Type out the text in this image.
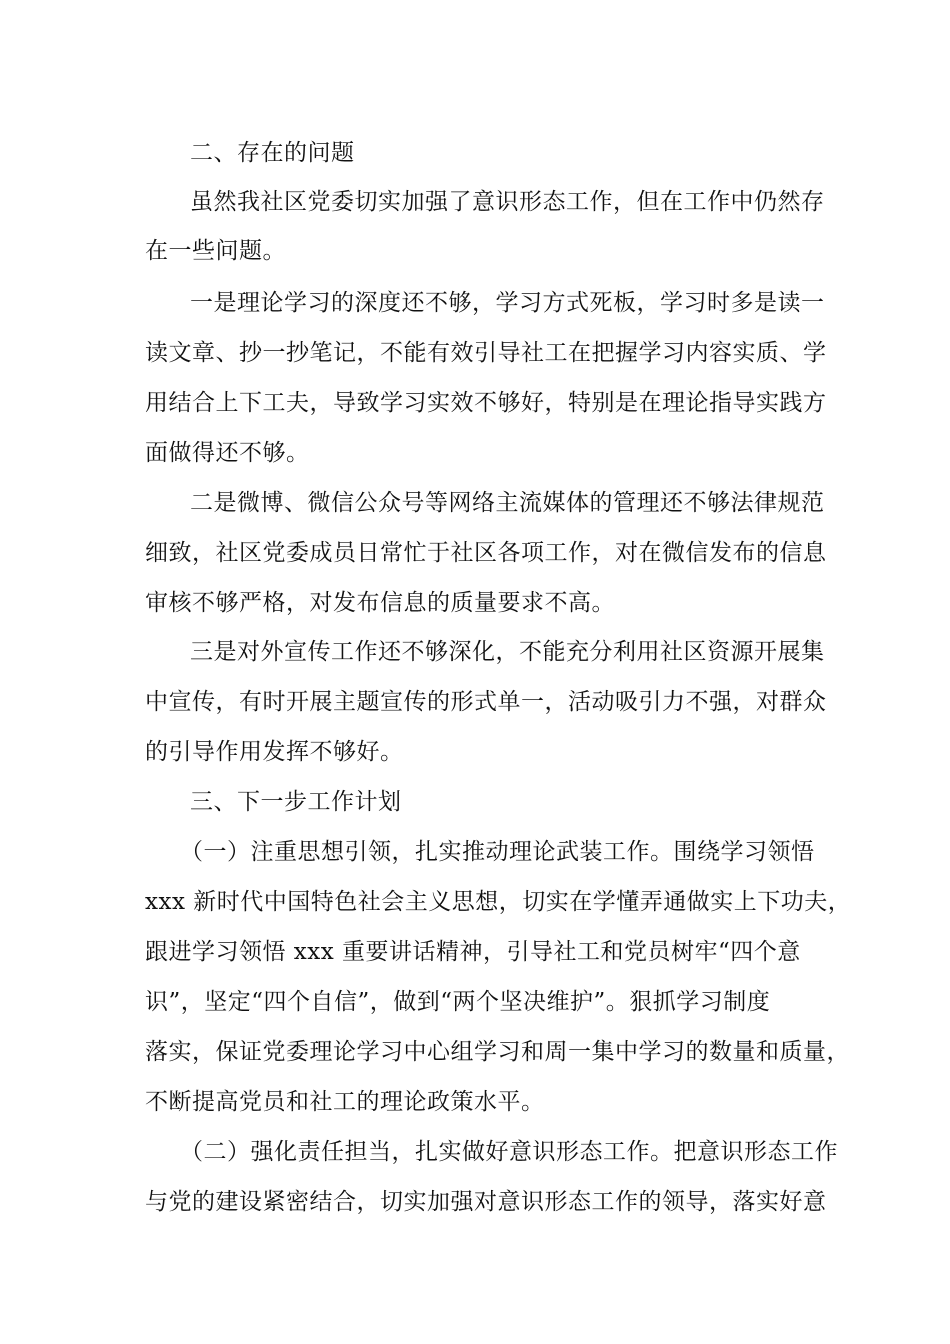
二、存在的问题
虽然我社区党委切实加强了意识形态工作，但在工作中仍然存
在一些问题。
一是理论学习的深度还不够，学习方式死板，学习时多是读一
读文章、抄一抄笔记，不能有效引导社工在把握学习内容实质、学
用结合上下工夫，导致学习实效不够好，特别是在理论指导实践方
面做得还不够。
二是微博、微信公众号等网络主流媒体的管理还不够法律规范
细致，社区党委成员日常忙于社区各项工作，对在微信发布的信息
审核不够严格，对发布信息的质量要求不高。
三是对外宣传工作还不够深化，不能充分利用社区资源开展集
中宣传，有时开展主题宣传的形式单一，活动吸引力不强，对群众
的引导作用发挥不够好。
三、下一步工作计划
（一）注重思想引领，扎实推动理论武装工作。围绕学习领悟
xxx 新时代中国特色社会主义思想，切实在学懂弄通做实上下功夫，
跟进学习领悟 xxx 重要讲话精神，引导社工和党员树牢“四个意
识”，坚定“四个自信”，做到“两个坚决维护”。狠抓学习制度
落实，保证党委理论学习中心组学习和周一集中学习的数量和质量，
不断提高党员和社工的理论政策水平。
（二）强化责任担当，扎实做好意识形态工作。把意识形态工作
与党的建设紧密结合，切实加强对意识形态工作的领导，落实好意
